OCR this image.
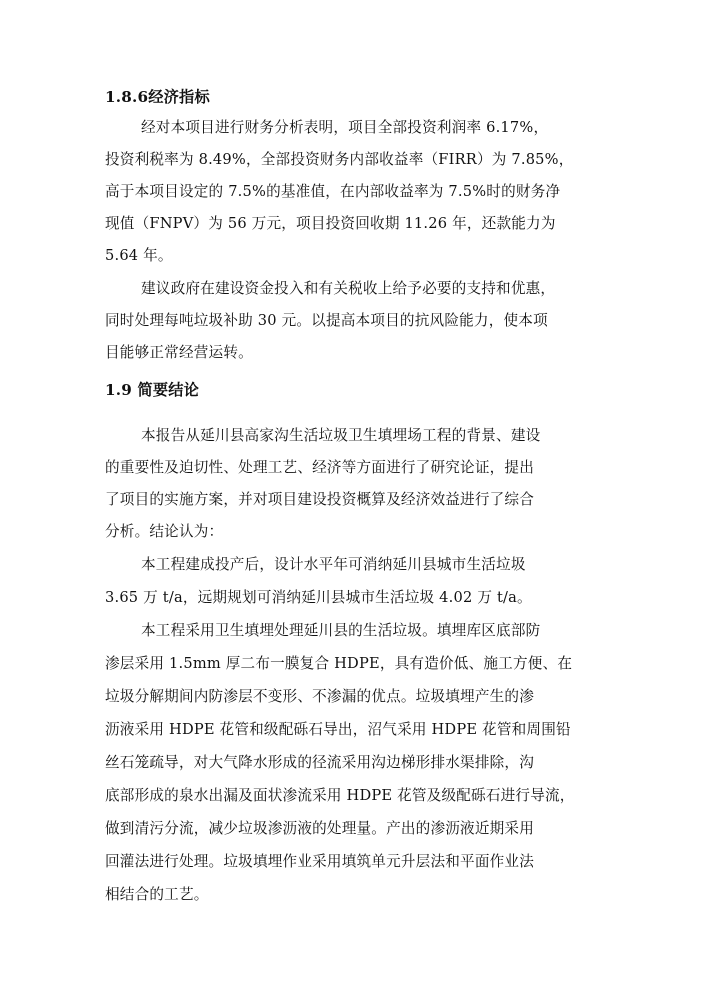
1.8.6经济指标
经对本项目进行财务分析表明，项目全部投资利润率 6.17%，
投资利税率为 8.49%，全部投资财务内部收益率（FIRR）为 7.85%，
高于本项目设定的 7.5%的基准值，在内部收益率为 7.5%时的财务净
现值（FNPV）为 56 万元，项目投资回收期 11.26 年，还款能力为
5.64 年。
建议政府在建设资金投入和有关税收上给予必要的支持和优惠，
同时处理每吨垃圾补助 30 元。以提高本项目的抗风险能力，使本项
目能够正常经营运转。
1.9 简要结论
本报告从延川县高家沟生活垃圾卫生填埋场工程的背景、建设
的重要性及迫切性、处理工艺、经济等方面进行了研究论证，提出
了项目的实施方案，并对项目建设投资概算及经济效益进行了综合
分析。结论认为：
本工程建成投产后，设计水平年可消纳延川县城市生活垃圾
3.65 万 t/a，远期规划可消纳延川县城市生活垃圾 4.02 万 t/a。
本工程采用卫生填埋处理延川县的生活垃圾。填埋库区底部防
渗层采用 1.5mm 厚二布一膜复合 HDPE，具有造价低、施工方便、在
垃圾分解期间内防渗层不变形、不渗漏的优点。垃圾填埋产生的渗
沥液采用 HDPE 花管和级配砾石导出，沼气采用 HDPE 花管和周围铅
丝石笼疏导，对大气降水形成的径流采用沟边梯形排水渠排除，沟
底部形成的泉水出漏及面状渗流采用 HDPE 花管及级配砾石进行导流，
做到清污分流，减少垃圾渗沥液的处理量。产出的渗沥液近期采用
回灌法进行处理。垃圾填埋作业采用填筑单元升层法和平面作业法
相结合的工艺。
